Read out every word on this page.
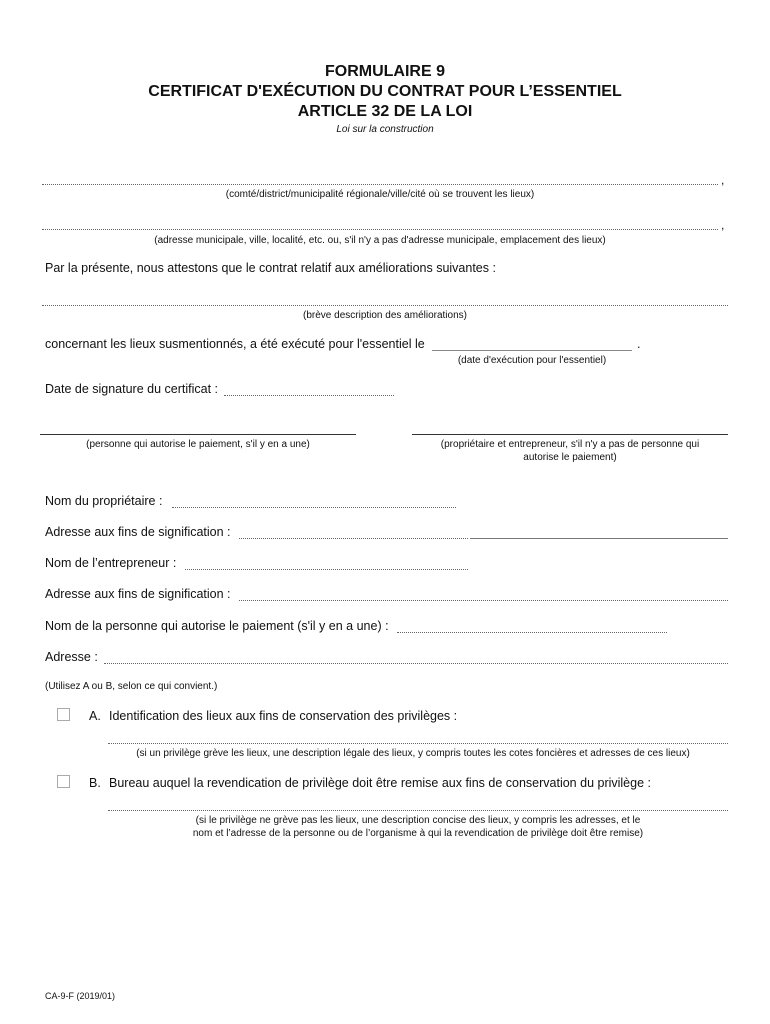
FORMULAIRE 9
CERTIFICAT D'EXÉCUTION DU CONTRAT POUR L’ESSENTIEL
ARTICLE 32 DE LA LOI
Loi sur la construction
,
(comté/district/municipalité régionale/ville/cité où se trouvent les lieux)
,
(adresse municipale, ville, localité, etc. ou, s'il n'y a pas d'adresse municipale, emplacement des lieux)
Par la présente, nous attestons que le contrat relatif aux améliorations suivantes :
(brève description des améliorations)
concernant les lieux susmentionnés, a été exécuté pour l'essentiel le	.
(date d'exécution pour l'essentiel)
Date de signature du certificat :
(personne qui autorise le paiement, s'il y en a une)	(propriétaire et entrepreneur, s'il n'y a pas de personne qui autorise le paiement)
Nom du propriétaire :
Adresse aux fins de signification :
Nom de l’entrepreneur :
Adresse aux fins de signification :
Nom de la personne qui autorise le paiement (s'il y en a une) :
Adresse :
(Utilisez A ou B, selon ce qui convient.)
A. Identification des lieux aux fins de conservation des privilèges :
(si un privilège grève les lieux, une description légale des lieux, y compris toutes les cotes foncières et adresses de ces lieux)
B. Bureau auquel la revendication de privilège doit être remise aux fins de conservation du privilège :
(si le privilège ne grève pas les lieux, une description concise des lieux, y compris les adresses, et le
nom et l’adresse de la personne ou de l’organisme à qui la revendication de privilège doit être remise)
CA-9-F (2019/01)
